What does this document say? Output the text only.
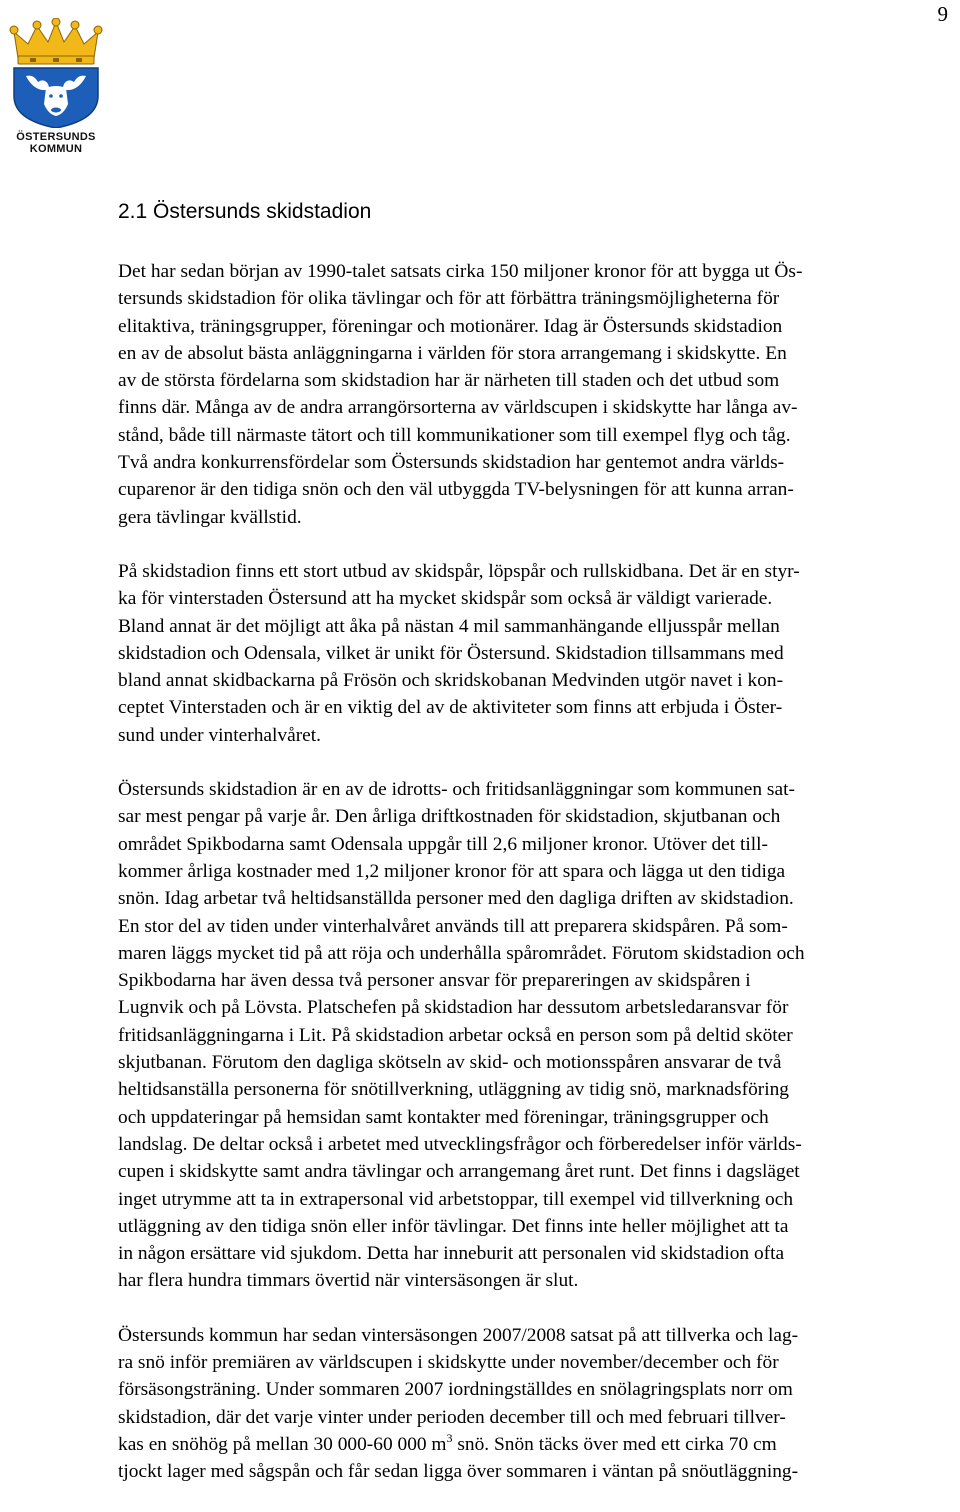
9
ÖSTERSUNDS
KOMMUN
2.1 Östersunds skidstadion

Det har sedan början av 1990-talet satsats cirka 150 miljoner kronor för att bygga ut Ös-
tersunds skidstadion för olika tävlingar och för att förbättra träningsmöjligheterna för
elitaktiva, träningsgrupper, föreningar och motionärer. Idag är Östersunds skidstadion
en av de absolut bästa anläggningarna i världen för stora arrangemang i skidskytte. En
av de största fördelarna som skidstadion har är närheten till staden och det utbud som
finns där. Många av de andra arrangörsorterna av världscupen i skidskytte har långa av-
stånd, både till närmaste tätort och till kommunikationer som till exempel flyg och tåg.
Två andra konkurrensfördelar som Östersunds skidstadion har gentemot andra världs-
cuparenor är den tidiga snön och den väl utbyggda TV-belysningen för att kunna arran-
gera tävlingar kvällstid.

På skidstadion finns ett stort utbud av skidspår, löpspår och rullskidbana. Det är en styr-
ka för vinterstaden Östersund att ha mycket skidspår som också är väldigt varierade.
Bland annat är det möjligt att åka på nästan 4 mil sammanhängande elljusspår mellan
skidstadion och Odensala, vilket är unikt för Östersund. Skidstadion tillsammans med
bland annat skidbackarna på Frösön och skridskobanan Medvinden utgör navet i kon-
ceptet Vinterstaden och är en viktig del av de aktiviteter som finns att erbjuda i Öster-
sund under vinterhalvåret.

Östersunds skidstadion är en av de idrotts- och fritidsanläggningar som kommunen sat-
sar mest pengar på varje år. Den årliga driftkostnaden för skidstadion, skjutbanan och
området Spikbodarna samt Odensala uppgår till 2,6 miljoner kronor. Utöver det till-
kommer årliga kostnader med 1,2 miljoner kronor för att spara och lägga ut den tidiga
snön. Idag arbetar två heltidsanställda personer med den dagliga driften av skidstadion.
En stor del av tiden under vinterhalvåret används till att preparera skidspåren. På som-
maren läggs mycket tid på att röja och underhålla spårområdet. Förutom skidstadion och
Spikbodarna har även dessa två personer ansvar för prepareringen av skidspåren i
Lugnvik och på Lövsta. Platschefen på skidstadion har dessutom arbetsledaransvar för
fritidsanläggningarna i Lit. På skidstadion arbetar också en person som på deltid sköter
skjutbanan. Förutom den dagliga skötseln av skid- och motionsspåren ansvarar de två
heltidsanställa personerna för snötillverkning, utläggning av tidig snö, marknadsföring
och uppdateringar på hemsidan samt kontakter med föreningar, träningsgrupper och
landslag. De deltar också i arbetet med utvecklingsfrågor och förberedelser inför världs-
cupen i skidskytte samt andra tävlingar och arrangemang året runt. Det finns i dagsläget
inget utrymme att ta in extrapersonal vid arbetstoppar, till exempel vid tillverkning och
utläggning av den tidiga snön eller inför tävlingar. Det finns inte heller möjlighet att ta
in någon ersättare vid sjukdom. Detta har inneburit att personalen vid skidstadion ofta
har flera hundra timmars övertid när vintersäsongen är slut.

Östersunds kommun har sedan vintersäsongen 2007/2008 satsat på att tillverka och lag-
ra snö inför premiären av världscupen i skidskytte under november/december och för
försäsongsträning. Under sommaren 2007 iordningställdes en snölagringsplats norr om
skidstadion, där det varje vinter under perioden december till och med februari tillver-
kas en snöhög på mellan 30 000-60 000 $m^3$ snö. Snön täcks över med ett cirka 70 cm
tjockt lager med sågspån och får sedan ligga över sommaren i väntan på snöutläggning-
